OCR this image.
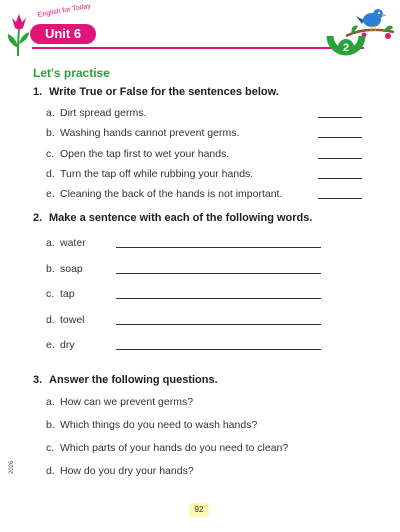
English for Today
Unit 6
2
Let's practise
1. Write True or False for the sentences below.
a. Dirt spread germs.
b. Washing hands cannot prevent germs.
c. Open the tap first to wet your hands.
d. Turn the tap off while rubbing your hands.
e. Cleaning the back of the hands is not important.
2. Make a sentence with each of the following words.
a. water
b. soap
c. tap
d. towel
e. dry
3. Answer the following questions.
a. How can we prevent germs?
b. Which things do you need to wash hands?
c. Which parts of your hands do you need to clean?
d. How do you dry your hands?
2026
92
